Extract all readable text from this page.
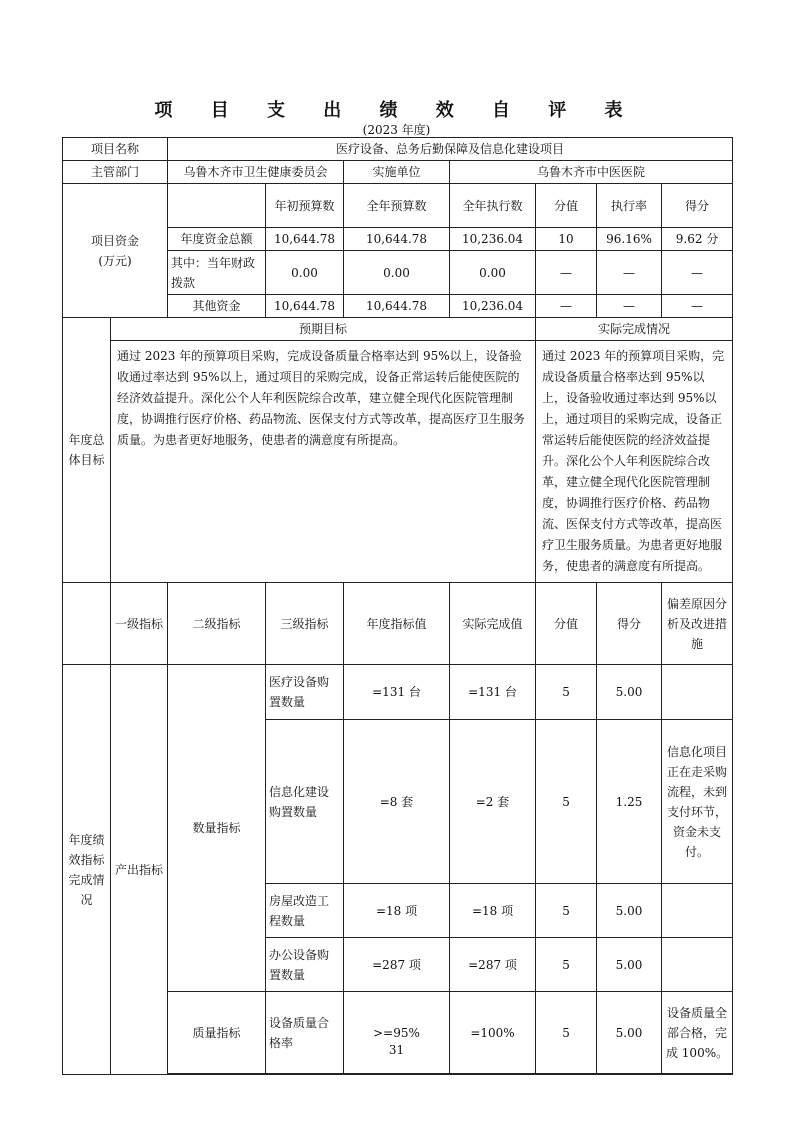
项 目 支 出 绩 效 自 评 表
(2023 年度)
项目名称		医疗设备、总务后勤保障及信息化建设项目						
主管部门		乌鲁木齐市卫生健康委员会		实施单位	乌鲁木齐市中医医院			
项目资金
(万元)			年初预算数	全年预算数	全年执行数	分值	执行率	得分
		年度资金总额	10,644.78	10,644.78	10,236.04	10	96.16%	9.62 分
		其中：当年财政拨款	0.00	0.00	0.00	—	—	—
		其他资金	10,644.78	10,644.78	10,236.04	—	—	—
年度总体目标	预期目标					实际完成情况		
	通过 2023 年的预算项目采购，完成设备质量合格率达到 95%以上，设备验收通过率达到 95%以上，通过项目的采购完成，设备正常运转后能使医院的经济效益提升。深化公个人年利医院综合改革，建立健全现代化医院管理制度，协调推行医疗价格、药品物流、医保支付方式等改革，提高医疗卫生服务质量。为患者更好地服务，使患者的满意度有所提高。					通过 2023 年的预算项目采购，完成设备质量合格率达到 95%以上，设备验收通过率达到 95%以上，通过项目的采购完成，设备正常运转后能使医院的经济效益提升。深化公个人年利医院综合改革，建立健全现代化医院管理制度，协调推行医疗价格、药品物流、医保支付方式等改革，提高医疗卫生服务质量。为患者更好地服务，使患者的满意度有所提高。		
	一级指标	二级指标	三级指标	年度指标值	实际完成值	分值	得分	偏差原因分析及改进措施
年度绩效指标完成情况	产出指标	数量指标	医疗设备购置数量	=131 台	=131 台	5	5.00	
			信息化建设购置数量	=8 套	=2 套	5	1.25	信息化项目正在走采购流程，未到支付环节，资金未支付。
			房屋改造工程数量	=18 项	=18 项	5	5.00	
			办公设备购置数量	=287 项	=287 项	5	5.00	
		质量指标	设备质量合格率	>=95%	=100%	5	5.00	设备质量全部合格，完成 100%。

31
